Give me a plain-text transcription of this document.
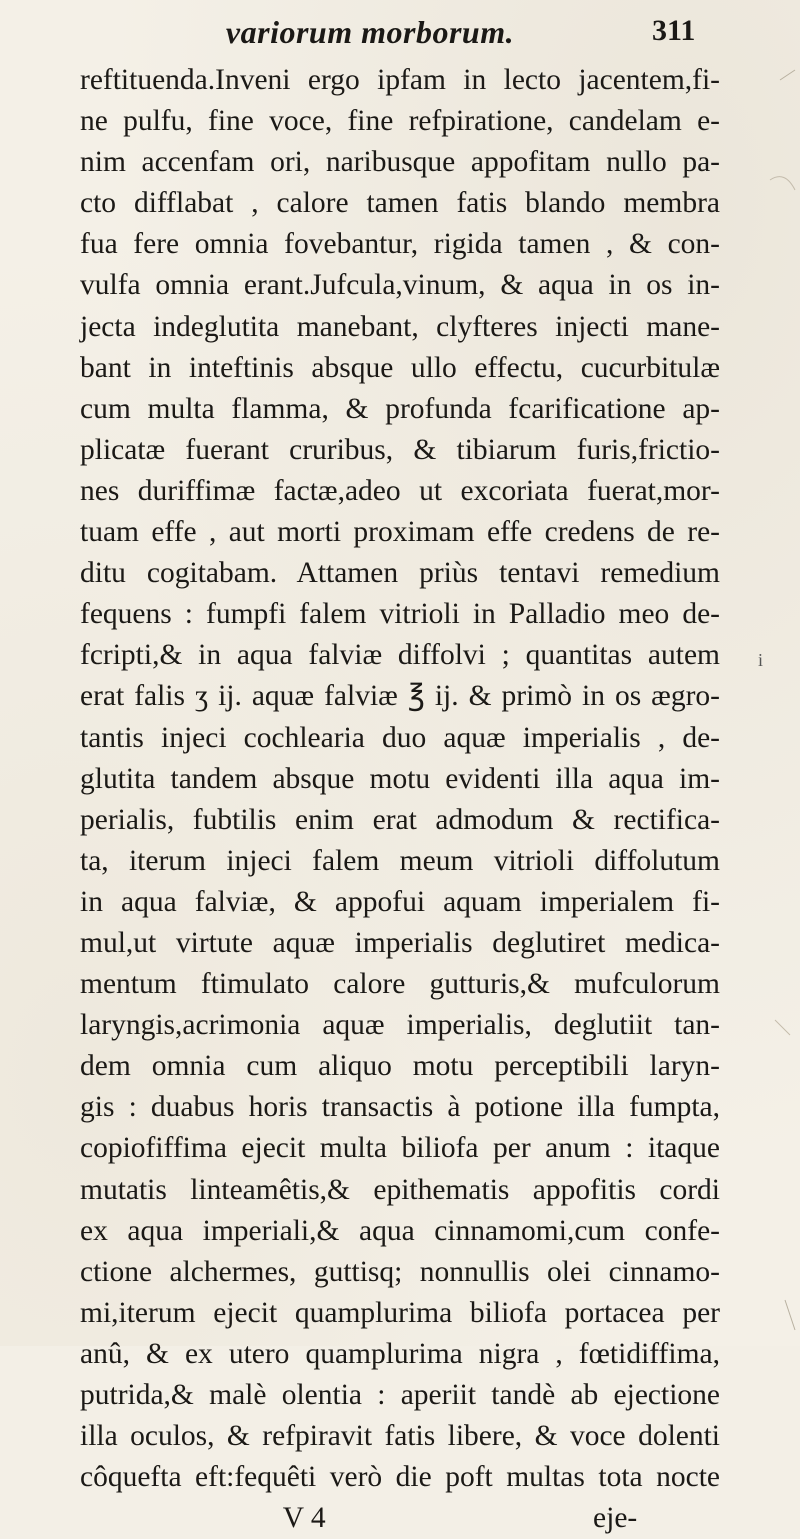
variorum morborum.	311
reftituenda.Inveni ergo ipfam in lecto jacentem,fi-
ne pulfu, fine voce, fine refpiratione, candelam e-
nim accenfam ori, naribusque appofitam nullo pa-
cto difflabat , calore tamen fatis blando membra
fua fere omnia fovebantur, rigida tamen , & con-
vulfa omnia erant.Jufcula,vinum, & aqua in os in-
jecta indeglutita manebant, clyfteres injecti mane-
bant in inteftinis absque ullo effectu, cucurbitulæ
cum multa flamma, & profunda fcarificatione ap-
plicatæ fuerant cruribus, & tibiarum furis,frictio-
nes duriffimæ factæ,adeo ut excoriata fuerat,mor-
tuam effe , aut morti proximam effe credens de re-
ditu cogitabam. Attamen priùs tentavi remedium
fequens : fumpfi falem vitrioli in Palladio meo de-
fcripti,& in aqua falviæ diffolvi ; quantitas autem
erat falis ʒ ij. aquæ falviæ ℥ ij. & primò in os ægro-
tantis injeci cochlearia duo aquæ imperialis , de-
glutita tandem absque motu evidenti illa aqua im-
perialis, fubtilis enim erat admodum & rectifica-
ta, iterum injeci falem meum vitrioli diffolutum
in aqua falviæ, & appofui aquam imperialem fi-
mul,ut virtute aquæ imperialis deglutiret medica-
mentum ftimulato calore gutturis,& mufculorum
laryngis,acrimonia aquæ imperialis, deglutiit tan-
dem omnia cum aliquo motu perceptibili laryn-
gis : duabus horis transactis à potione illa fumpta,
copiofiffima ejecit multa biliofa per anum : itaque
mutatis linteamêtis,& epithematis appofitis cordi
ex aqua imperiali,& aqua cinnamomi,cum confe-
ctione alchermes, guttisq; nonnullis olei cinnamo-
mi,iterum ejecit quamplurima biliofa portacea per
anû, & ex utero quamplurima nigra , fœtidiffima,
putrida,& malè olentia : aperiit tandè ab ejectione
illa oculos, & refpiravit fatis libere, & voce dolenti
côquefta eft:fequêti verò die poft multas tota nocte
V 4	eje-
i
